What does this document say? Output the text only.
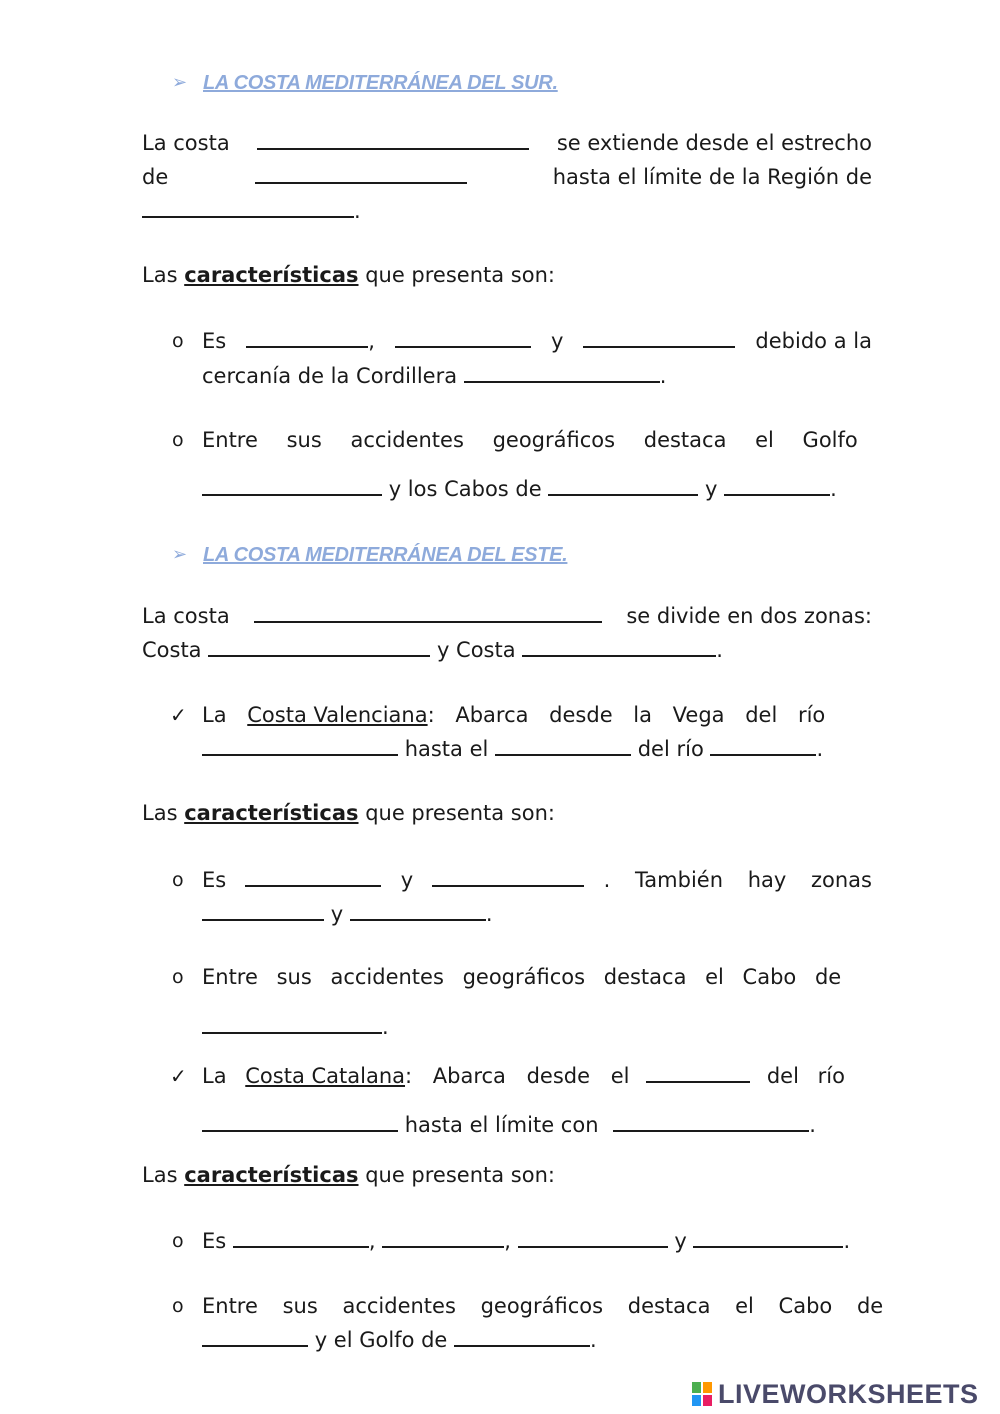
➢ LA COSTA MEDITERRÁNEA DEL SUR.
La costa	se extiende desde el estrecho
de	hasta el límite de la Región de
.
Las características que presenta son:
o Es	,	y	debido a la
cercanía de la Cordillera	.
o Entre sus accidentes geográficos destaca el Golfo
y los Cabos de	y	.
➢ LA COSTA MEDITERRÁNEA DEL ESTE.
La costa	se divide en dos zonas:
Costa	y Costa	.
✓ La Costa Valenciana: Abarca desde la Vega del río
hasta el	del río	.
Las características que presenta son:
o Es	y	. También hay zonas
y	.
o Entre sus accidentes geográficos destaca el Cabo de
.
✓ La Costa Catalana: Abarca desde el	del río
hasta el límite con	.
Las características que presenta son:
o Es	,	,	y	.
o Entre sus accidentes geográficos destaca el Cabo de
y el Golfo de	.
LIVEWORKSHEETS
